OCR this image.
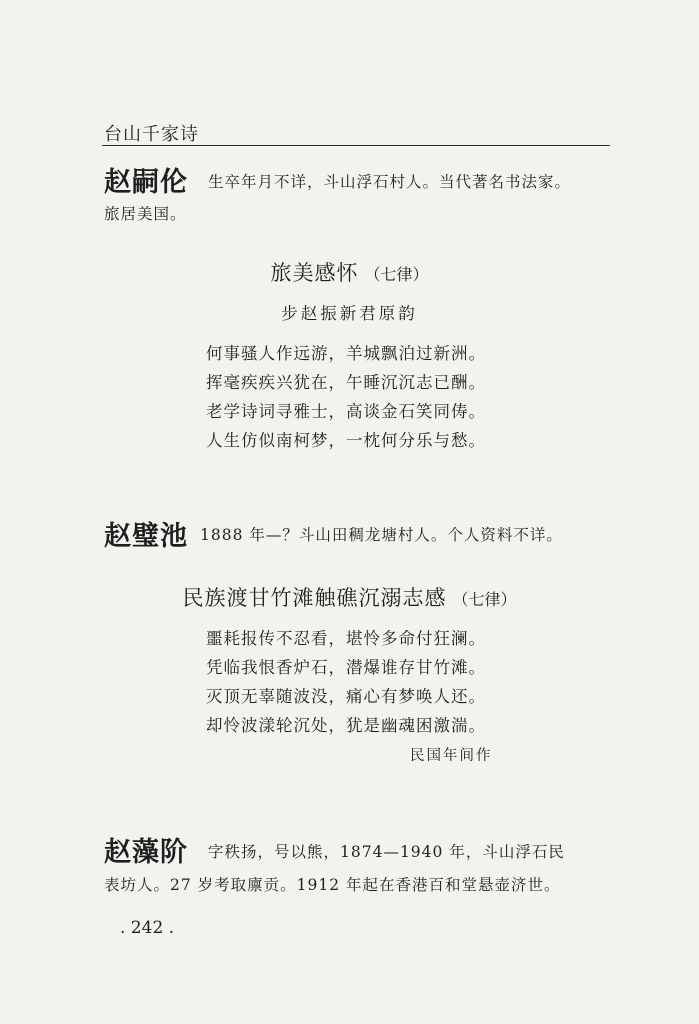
台山千家诗
赵嗣伦 生卒年月不详，斗山浮石村人。当代著名书法家。
旅居美国。
旅美感怀 （七律）
步赵振新君原韵
何事骚人作远游，羊城飘泊过新洲。
挥毫疾疾兴犹在，午睡沉沉志已酬。
老学诗词寻雅士，高谈金石笑同俦。
人生仿似南柯梦，一枕何分乐与愁。
赵璧池 1888 年—？斗山田稠龙塘村人。个人资料不详。
民族渡甘竹滩触礁沉溺志感 （七律）
噩耗报传不忍看，堪怜多命付狂澜。
凭临我恨香炉石，潜爆谁存甘竹滩。
灭顶无辜随波没，痛心有梦唤人还。
却怜波漾轮沉处，犹是幽魂困激湍。
民国年间作
赵藻阶 字秩扬，号以熊，1874—1940 年，斗山浮石民
表坊人。27 岁考取廪贡。1912 年起在香港百和堂悬壶济世。
. 242 .
